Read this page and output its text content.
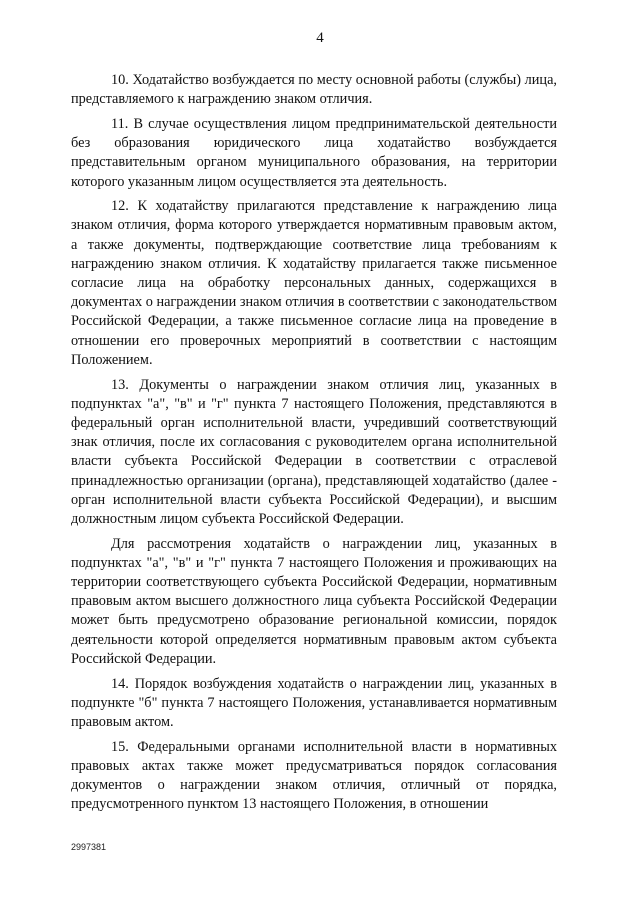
4

10. Ходатайство возбуждается по месту основной работы (службы) лица, представляемого к награждению знаком отличия.

11. В случае осуществления лицом предпринимательской деятельности без образования юридического лица ходатайство возбуждается представительным органом муниципального образования, на территории которого указанным лицом осуществляется эта деятельность.

12. К ходатайству прилагаются представление к награждению лица знаком отличия, форма которого утверждается нормативным правовым актом, а также документы, подтверждающие соответствие лица требованиям к награждению знаком отличия. К ходатайству прилагается также письменное согласие лица на обработку персональных данных, содержащихся в документах о награждении знаком отличия в соответствии с законодательством Российской Федерации, а также письменное согласие лица на проведение в отношении его проверочных мероприятий в соответствии с настоящим Положением.

13. Документы о награждении знаком отличия лиц, указанных в подпунктах "а", "в" и "г" пункта 7 настоящего Положения, представляются в федеральный орган исполнительной власти, учредивший соответствующий знак отличия, после их согласования с руководителем органа исполнительной власти субъекта Российской Федерации в соответствии с отраслевой принадлежностью организации (органа), представляющей ходатайство (далее - орган исполнительной власти субъекта Российской Федерации), и высшим должностным лицом субъекта Российской Федерации.

Для рассмотрения ходатайств о награждении лиц, указанных в подпунктах "а", "в" и "г" пункта 7 настоящего Положения и проживающих на территории соответствующего субъекта Российской Федерации, нормативным правовым актом высшего должностного лица субъекта Российской Федерации может быть предусмотрено образование региональной комиссии, порядок деятельности которой определяется нормативным правовым актом субъекта Российской Федерации.

14. Порядок возбуждения ходатайств о награждении лиц, указанных в подпункте "б" пункта 7 настоящего Положения, устанавливается нормативным правовым актом.

15. Федеральными органами исполнительной власти в нормативных правовых актах также может предусматриваться порядок согласования документов о награждении знаком отличия, отличный от порядка, предусмотренного пунктом 13 настоящего Положения, в отношении

2997381
